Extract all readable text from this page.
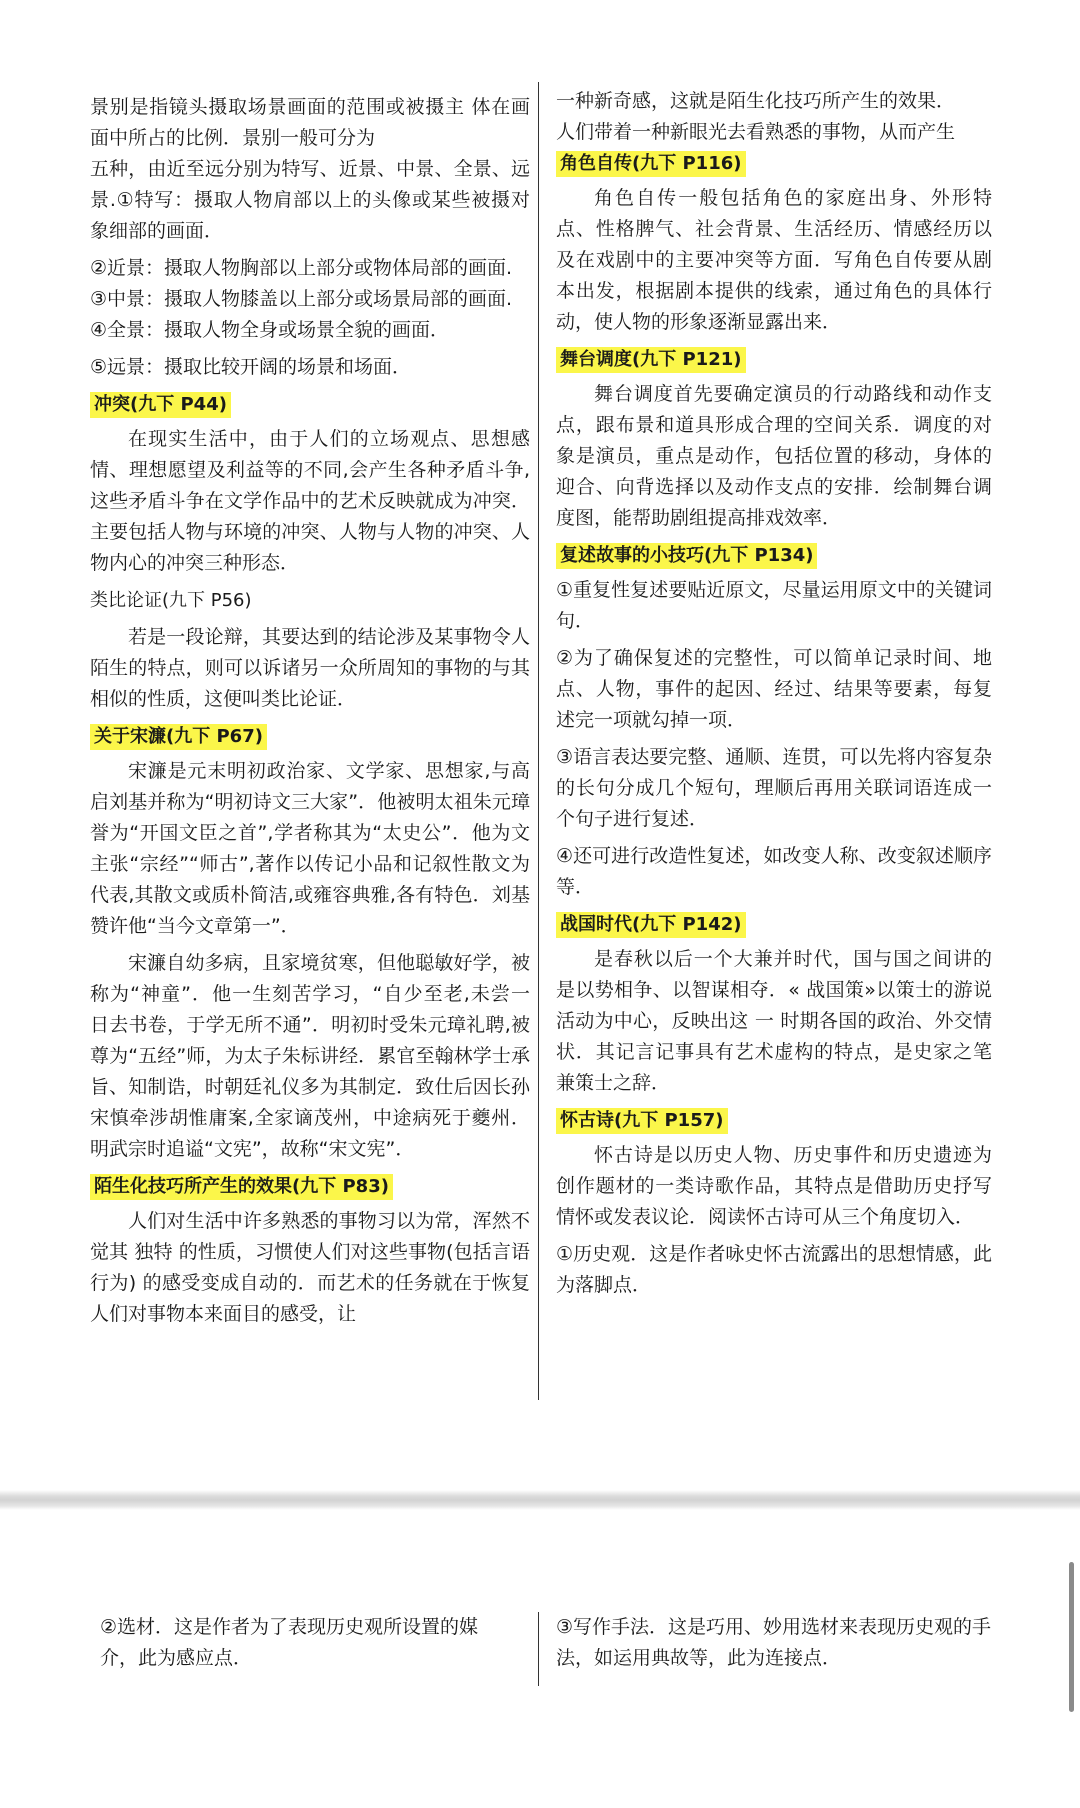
景别是指镜头摄取场景画面的范围或被摄主 体在画面中所占的比例．景别一般可分为

五种，由近至远分别为特写、近景、中景、全景、远景.①特写：摄取人物肩部以上的头像或某些被摄对 象细部的画面．

②近景：摄取人物胸部以上部分或物体局部的画面.

③中景：摄取人物膝盖以上部分或场景局部的画面.

④全景：摄取人物全身或场景全貌的画面．

⑤远景：摄取比较开阔的场景和场面．

冲突(九下 P44)

在现实生活中，由于人们的立场观点、思想感情、理想愿望及利益等的不同,会产生各种矛盾斗争,这些矛盾斗争在文学作品中的艺术反映就成为冲突．主要包括人物与环境的冲突、人物与人物的冲突、人物内心的冲突三种形态．

类比论证(九下 P56)

若是一段论辩，其要达到的结论涉及某事物令人陌生的特点，则可以诉诸另一众所周知的事物的与其相似的性质，这便叫类比论证．

关于宋濂(九下 P67)

宋濂是元末明初政治家、文学家、思想家,与高启刘基并称为“明初诗文三大家”．他被明太祖朱元璋誉为“开国文臣之首”,学者称其为“太史公”．他为文主张“宗经”“师古”,著作以传记小品和记叙性散文为代表,其散文或质朴简洁,或雍容典雅,各有特色．刘基赞许他“当今文章第一”．

宋濂自幼多病，且家境贫寒，但他聪敏好学，被称为“神童”．他一生刻苦学习，“自少至老,未尝一 日去书卷，于学无所不通”．明初时受朱元璋礼聘,被尊为“五经”师，为太子朱标讲经．累官至翰林学士承旨、知制诰，时朝廷礼仪多为其制定．致仕后因长孙宋慎牵涉胡惟庸案,全家谪茂州，中途病死于夔州．明武宗时追谥“文宪”，故称“宋文宪”．

陌生化技巧所产生的效果(九下 P83)

人们对生活中许多熟悉的事物习以为常，浑然不觉其 独特 的性质，习惯使人们对这些事物(包括言语行为) 的感受变成自动的．而艺术的任务就在于恢复人们对事物本来面目的感受，让

一种新奇感，这就是陌生化技巧所产生的效果．

人们带着一种新眼光去看熟悉的事物，从而产生

角色自传(九下 P116)

角色自传一般包括角色的家庭出身、外形特点、性格脾气、社会背景、生活经历、情感经历以及在戏剧中的主要冲突等方面．写角色自传要从剧本出发，根据剧本提供的线索，通过角色的具体行动，使人物的形象逐渐显露出来．

舞台调度(九下 P121)

舞台调度首先要确定演员的行动路线和动作支点，跟布景和道具形成合理的空间关系．调度的对象是演员，重点是动作，包括位置的移动，身体的迎合、向背选择以及动作支点的安排．绘制舞台调度图，能帮助剧组提高排戏效率．

复述故事的小技巧(九下 P134)

①重复性复述要贴近原文，尽量运用原文中的关键词句．

②为了确保复述的完整性，可以简单记录时间、地点、人物，事件的起因、经过、结果等要素，每复述完一项就勾掉一项．

③语言表达要完整、通顺、连贯，可以先将内容复杂的长句分成几个短句，理顺后再用关联词语连成一个句子进行复述．

④还可进行改造性复述，如改变人称、改变叙述顺序等．

战国时代(九下 P142)

是春秋以后一个大兼并时代，国与国之间讲的是以势相争、以智谋相夺．« 战国策»以策士的游说活动为中心，反映出这 一 时期各国的政治、外交情状．其记言记事具有艺术虚构的特点，是史家之笔兼策士之辞．

怀古诗(九下 P157)

怀古诗是以历史人物、历史事件和历史遗迹为创作题材的一类诗歌作品，其特点是借助历史抒写情怀或发表议论．阅读怀古诗可从三个角度切入．

①历史观．这是作者咏史怀古流露出的思想情感，此为落脚点．

②选材．这是作者为了表现历史观所设置的媒 介，此为感应点．
③写作手法．这是巧用、妙用选材来表现历史观的手法，如运用典故等，此为连接点．
